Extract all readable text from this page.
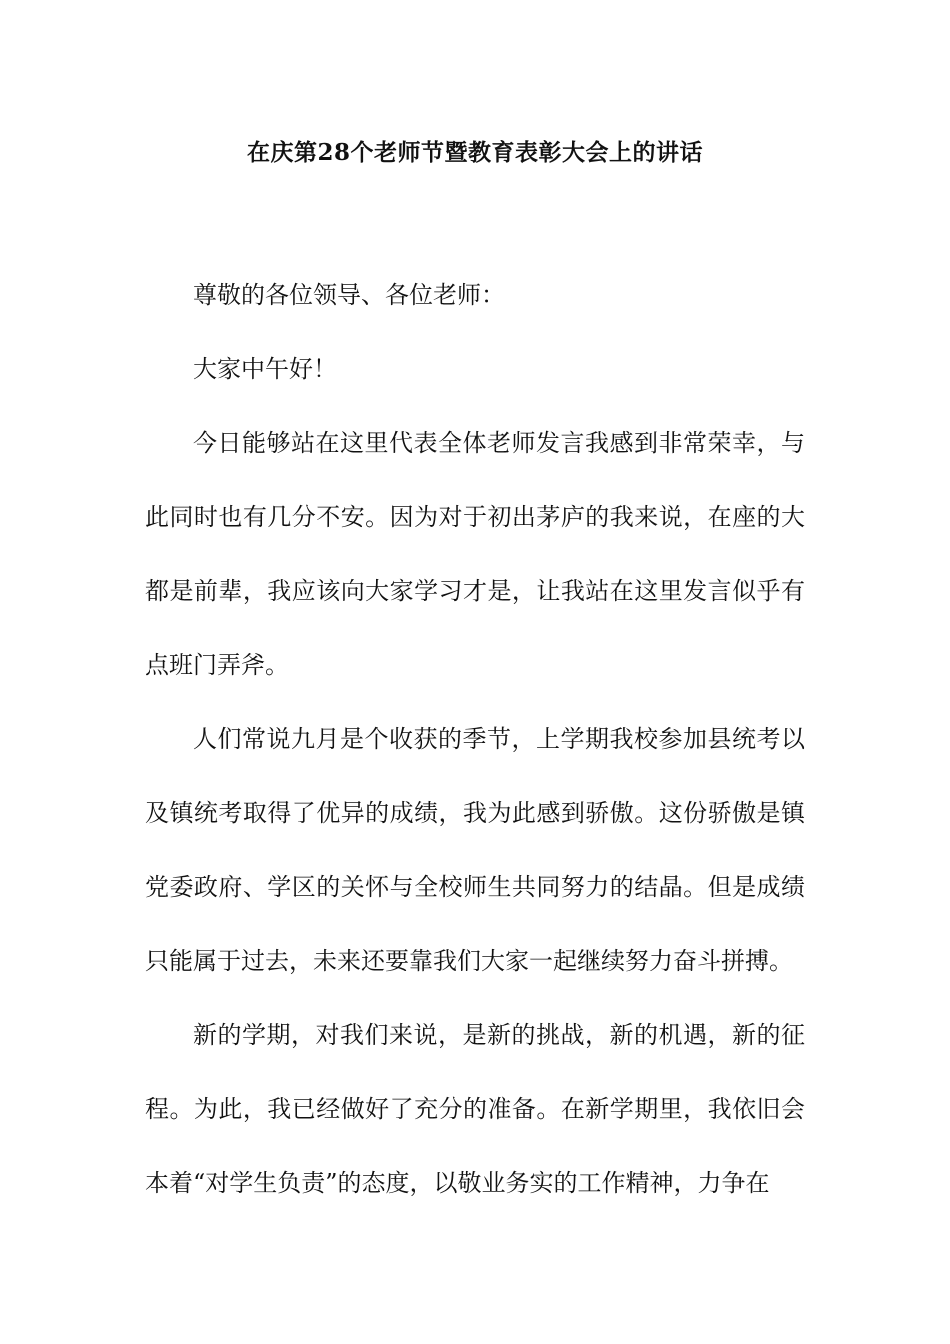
在庆第28个老师节暨教育表彰大会上的讲话

尊敬的各位领导、各位老师：

大家中午好！

今日能够站在这里代表全体老师发言我感到非常荣幸，与此同时也有几分不安。因为对于初出茅庐的我来说，在座的大都是前辈，我应该向大家学习才是，让我站在这里发言似乎有点班门弄斧。

人们常说九月是个收获的季节，上学期我校参加县统考以及镇统考取得了优异的成绩，我为此感到骄傲。这份骄傲是镇党委政府、学区的关怀与全校师生共同努力的结晶。但是成绩只能属于过去，未来还要靠我们大家一起继续努力奋斗拼搏。

新的学期，对我们来说，是新的挑战，新的机遇，新的征程。为此，我已经做好了充分的准备。在新学期里，我依旧会本着“对学生负责”的态度，以敬业务实的工作精神，力争在
